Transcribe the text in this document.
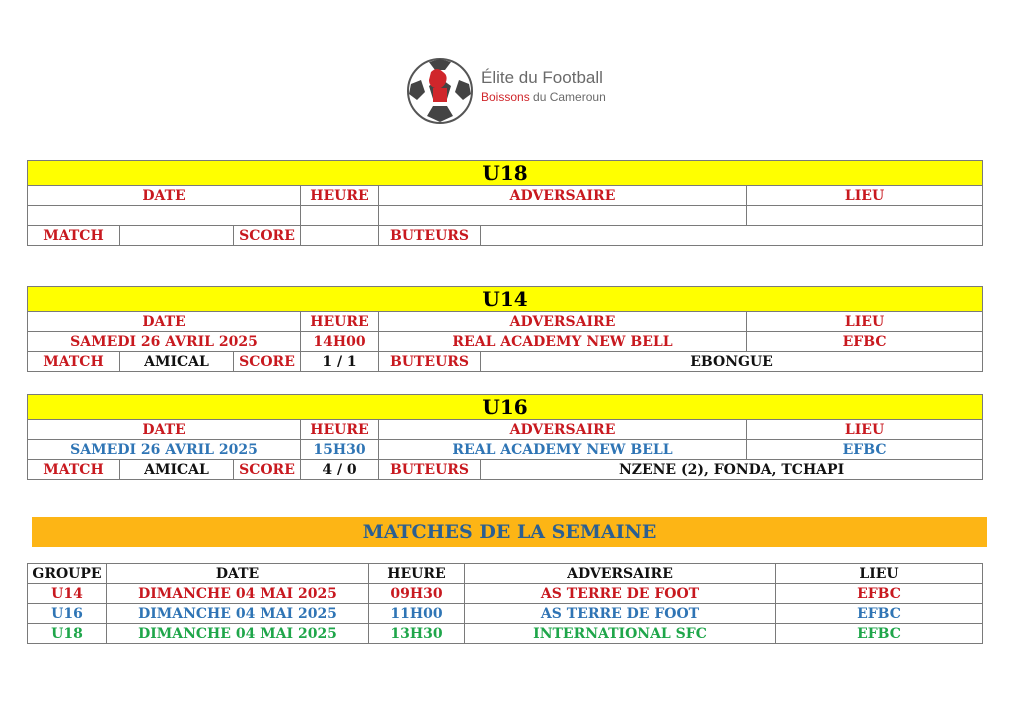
Élite du Football
Boissons du Cameroun
U18						
DATE			HEURE	ADVERSAIRE		LIEU

MATCH		SCORE		BUTEURS		
U14						
DATE			HEURE	ADVERSAIRE		LIEU
SAMEDI 26 AVRIL 2025			14H00	REAL ACADEMY NEW BELL		EFBC
MATCH	AMICAL	SCORE	1 / 1	BUTEURS	EBONGUE	
U16						
DATE			HEURE	ADVERSAIRE		LIEU
SAMEDI 26 AVRIL 2025			15H30	REAL ACADEMY NEW BELL		EFBC
MATCH	AMICAL	SCORE	4 / 0	BUTEURS	NZENE (2), FONDA, TCHAPI	
MATCHES DE LA SEMAINE
GROUPE	DATE	HEURE	ADVERSAIRE	LIEU
U14	DIMANCHE 04 MAI 2025	09H30	AS TERRE DE FOOT	EFBC
U16	DIMANCHE 04 MAI 2025	11H00	AS TERRE DE FOOT	EFBC
U18	DIMANCHE 04 MAI 2025	13H30	INTERNATIONAL SFC	EFBC
